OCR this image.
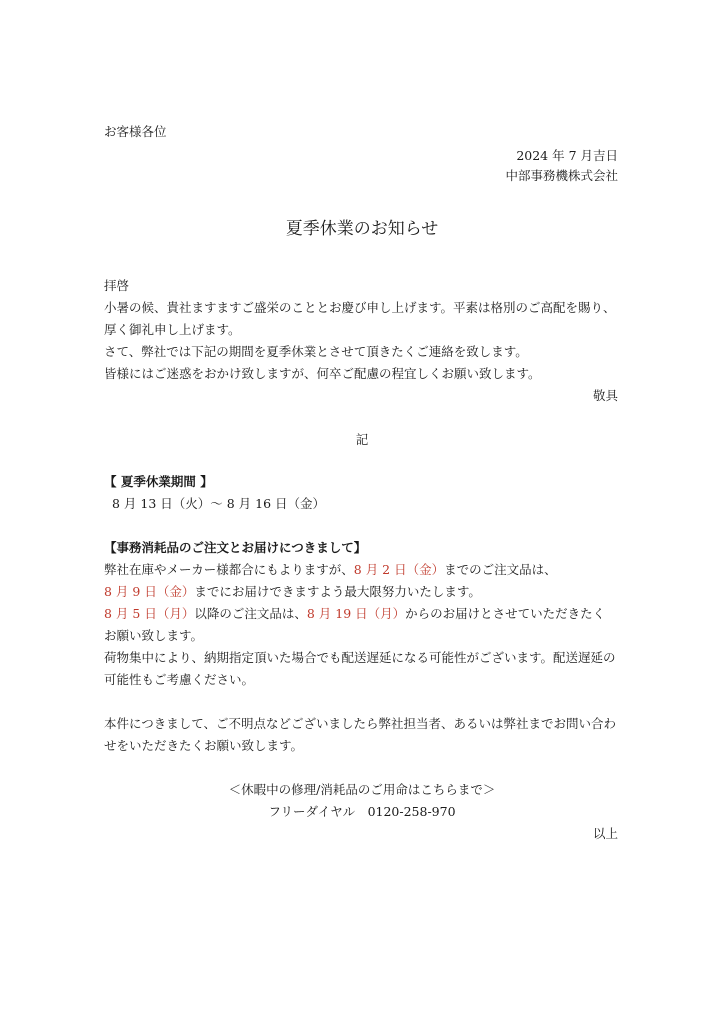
お客様各位
2024 年 7 月吉日
中部事務機株式会社
夏季休業のお知らせ
拝啓
小暑の候、貴社ますますご盛栄のこととお慶び申し上げます。平素は格別のご高配を賜り、
厚く御礼申し上げます。
さて、弊社では下記の期間を夏季休業とさせて頂きたくご連絡を致します。
皆様にはご迷惑をおかけ致しますが、何卒ご配慮の程宜しくお願い致します。
敬具
記
【 夏季休業期間 】
8 月 13 日（火）～ 8 月 16 日（金）
【事務消耗品のご注文とお届けにつきまして】
弊社在庫やメーカー様都合にもよりますが、8 月 2 日（金）までのご注文品は、
8 月 9 日（金）までにお届けできますよう最大限努力いたします。
8 月 5 日（月）以降のご注文品は、8 月 19 日（月）からのお届けとさせていただきたく
お願い致します。
荷物集中により、納期指定頂いた場合でも配送遅延になる可能性がございます。配送遅延の
可能性もご考慮ください。
本件につきまして、ご不明点などございましたら弊社担当者、あるいは弊社までお問い合わ
せをいただきたくお願い致します。
＜休暇中の修理/消耗品のご用命はこちらまで＞
フリーダイヤル　0120-258-970
以上
